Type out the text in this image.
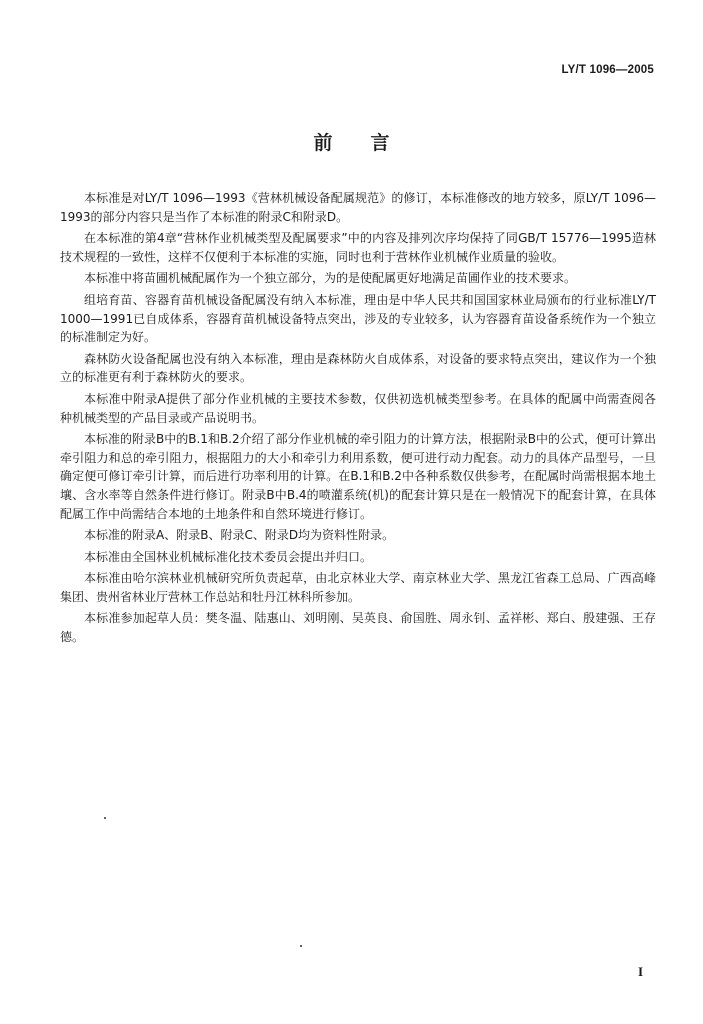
LY/T 1096—2005
前言

本标准是对LY/T 1096—1993《营林机械设备配属规范》的修订，本标准修改的地方较多，原LY/T 1096—1993的部分内容只是当作了本标准的附录C和附录D。

在本标准的第4章“营林作业机械类型及配属要求”中的内容及排列次序均保持了同GB/T 15776—1995造林技术规程的一致性，这样不仅便利于本标准的实施，同时也利于营林作业机械作业质量的验收。

本标准中将苗圃机械配属作为一个独立部分，为的是使配属更好地满足苗圃作业的技术要求。

组培育苗、容器育苗机械设备配属没有纳入本标准，理由是中华人民共和国国家林业局颁布的行业标准LY/T 1000—1991已自成体系，容器育苗机械设备特点突出，涉及的专业较多，认为容器育苗设备系统作为一个独立的标准制定为好。

森林防火设备配属也没有纳入本标准，理由是森林防火自成体系，对设备的要求特点突出，建议作为一个独立的标准更有利于森林防火的要求。

本标准中附录A提供了部分作业机械的主要技术参数，仅供初选机械类型参考。在具体的配属中尚需查阅各种机械类型的产品目录或产品说明书。

本标准的附录B中的B.1和B.2介绍了部分作业机械的牵引阻力的计算方法，根据附录B中的公式，便可计算出牵引阻力和总的牵引阻力，根据阻力的大小和牵引力利用系数，便可进行动力配套。动力的具体产品型号，一旦确定便可修订牵引计算，而后进行功率利用的计算。在B.1和B.2中各种系数仅供参考，在配属时尚需根据本地土壤、含水率等自然条件进行修订。附录B中B.4的喷灌系统(机)的配套计算只是在一般情况下的配套计算，在具体配属工作中尚需结合本地的土地条件和自然环境进行修订。

本标准的附录A、附录B、附录C、附录D均为资料性附录。

本标准由全国林业机械标准化技术委员会提出并归口。

本标准由哈尔滨林业机械研究所负责起草，由北京林业大学、南京林业大学、黑龙江省森工总局、广西高峰集团、贵州省林业厅营林工作总站和牡丹江林科所参加。

本标准参加起草人员：樊冬温、陆惠山、刘明刚、吴英良、俞国胜、周永钊、孟祥彬、郑白、殷建强、王存德。

I
